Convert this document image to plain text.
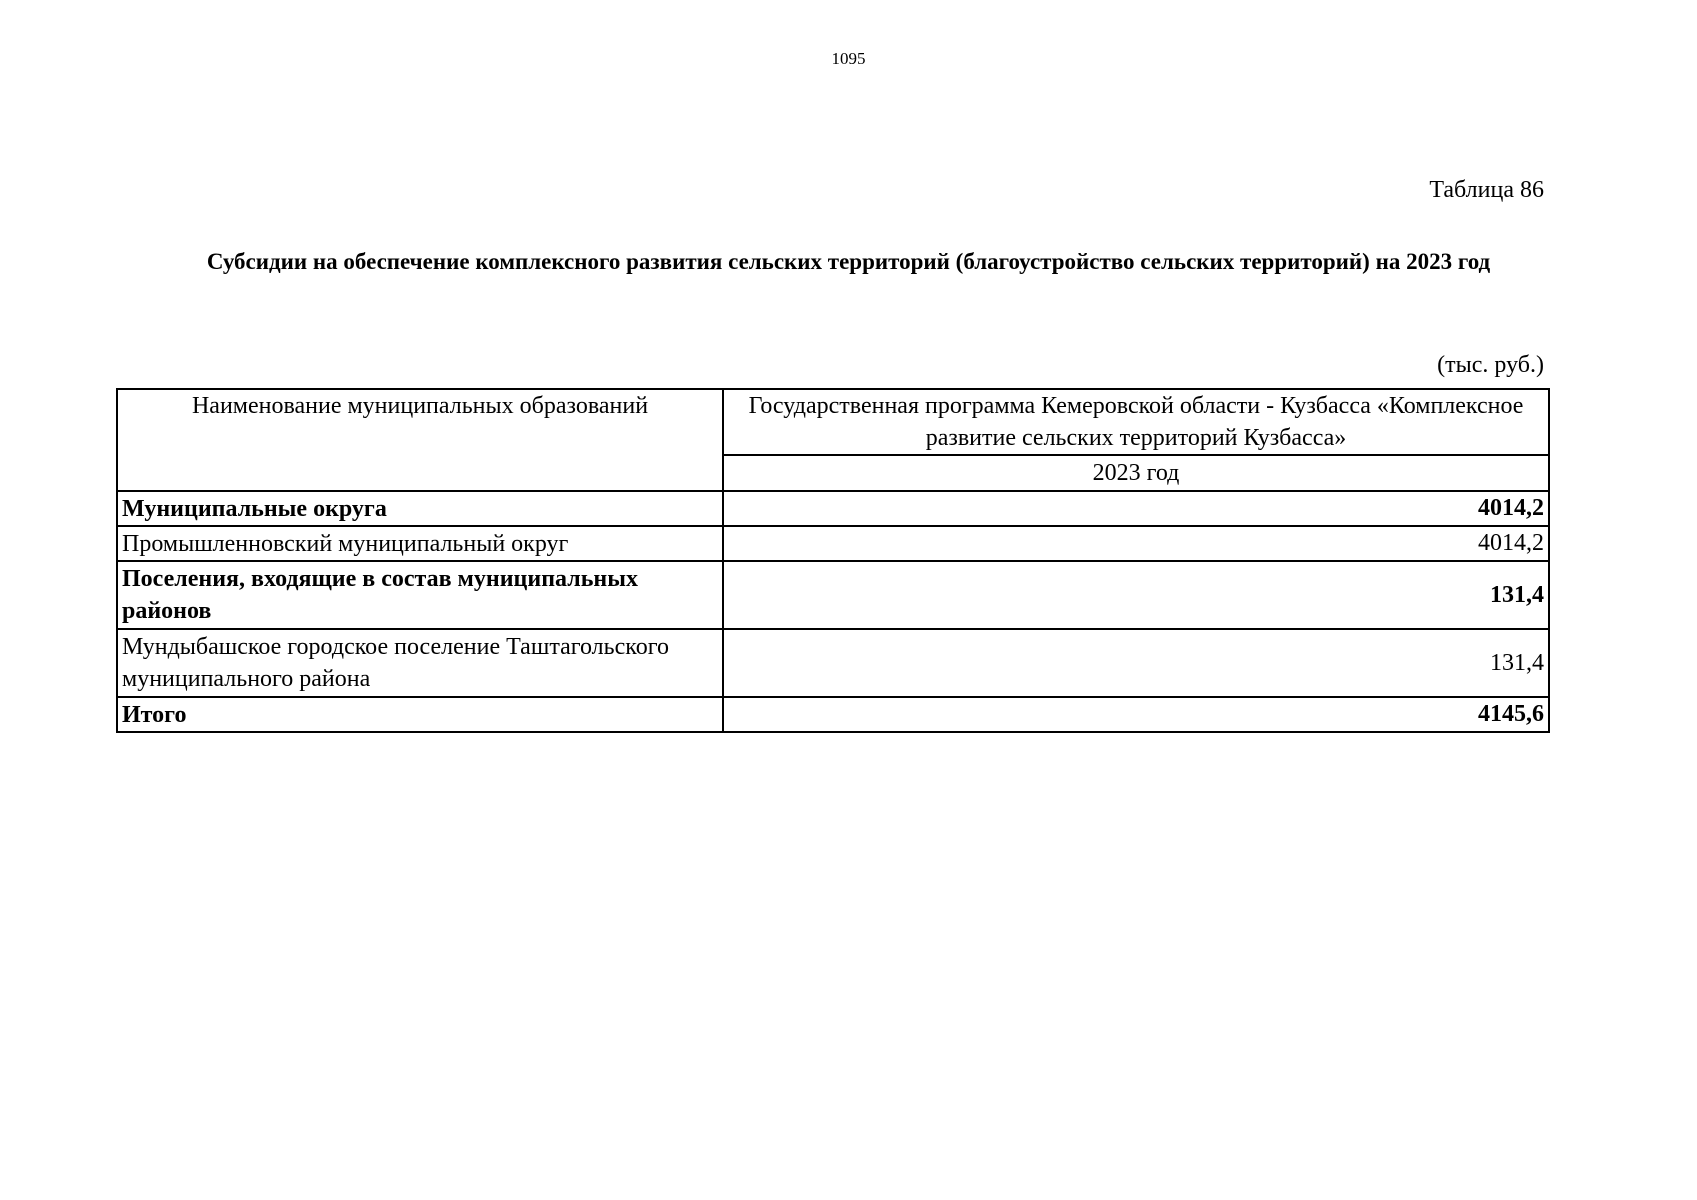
1095
Таблица 86
Субсидии на обеспечение комплексного развития сельских территорий (благоустройство сельских территорий) на 2023 год
(тыс. руб.)
Наименование муниципальных образований	Государственная программа Кемеровской области - Кузбасса «Комплексное развитие сельских территорий Кузбасса»
	2023 год
Муниципальные округа	4014,2
Промышленновский муниципальный округ	4014,2
Поселения, входящие в состав муниципальных районов	131,4
Мундыбашское городское поселение Таштагольского муниципального района	131,4
Итого	4145,6
